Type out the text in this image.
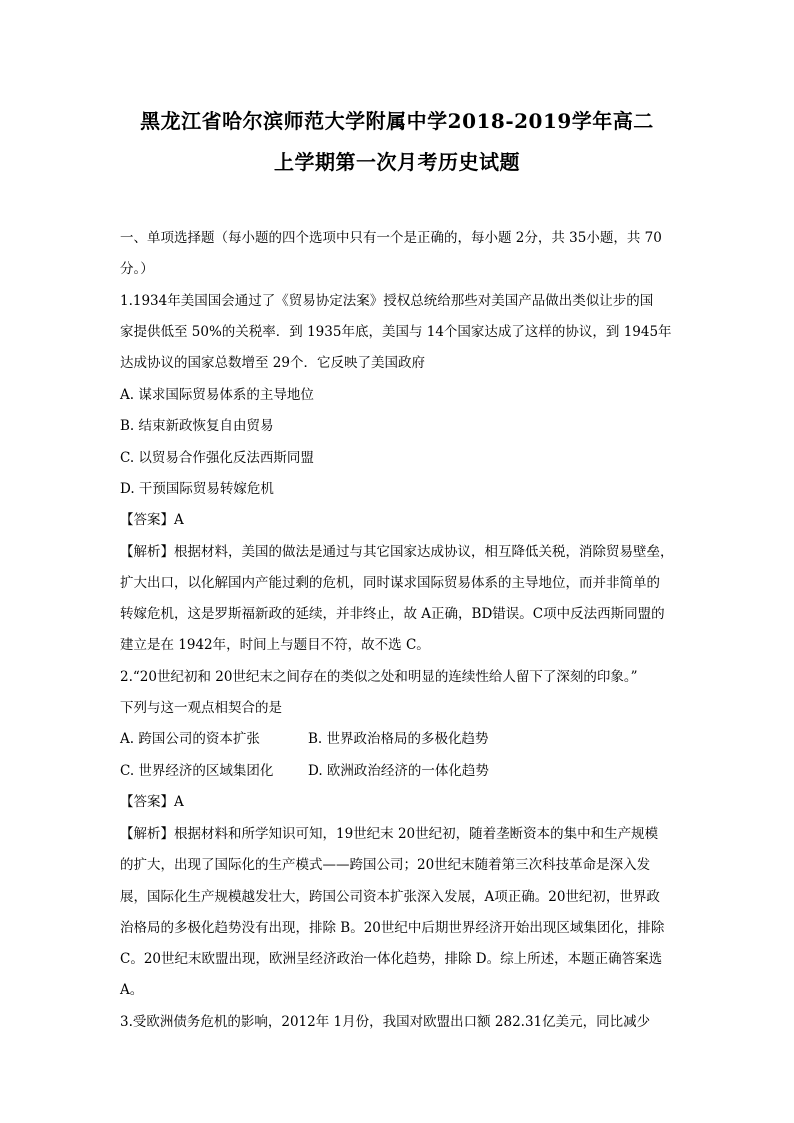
黑龙江省哈尔滨师范大学附属中学2018-2019学年高二
上学期第一次月考历史试题
一、单项选择题（每小题的四个选项中只有一个是正确的，每小题 2分，共 35小题，共 70
分。）
1.1934年美国国会通过了《贸易协定法案》授权总统给那些对美国产品做出类似让步的国
家提供低至 50%的关税率．到 1935年底，美国与 14个国家达成了这样的协议，到 1945年
达成协议的国家总数增至 29个．它反映了美国政府
A. 谋求国际贸易体系的主导地位
B. 结束新政恢复自由贸易
C. 以贸易合作强化反法西斯同盟
D. 干预国际贸易转嫁危机
【答案】A
【解析】根据材料，美国的做法是通过与其它国家达成协议，相互降低关税，消除贸易壁垒，
扩大出口，以化解国内产能过剩的危机，同时谋求国际贸易体系的主导地位，而并非简单的
转嫁危机，这是罗斯福新政的延续，并非终止，故 A正确，BD错误。C项中反法西斯同盟的
建立是在 1942年，时间上与题目不符，故不选 C。
2.“20世纪初和 20世纪末之间存在的类似之处和明显的连续性给人留下了深刻的印象。”
下列与这一观点相契合的是
A. 跨国公司的资本扩张	B. 世界政治格局的多极化趋势
C. 世界经济的区域集团化	D. 欧洲政治经济的一体化趋势
【答案】A
【解析】根据材料和所学知识可知，19世纪末 20世纪初，随着垄断资本的集中和生产规模
的扩大，出现了国际化的生产模式——跨国公司；20世纪末随着第三次科技革命是深入发
展，国际化生产规模越发壮大，跨国公司资本扩张深入发展，A项正确。20世纪初，世界政
治格局的多极化趋势没有出现，排除 B。20世纪中后期世界经济开始出现区域集团化，排除
C。20世纪末欧盟出现，欧洲呈经济政治一体化趋势，排除 D。综上所述，本题正确答案选
A。
3.受欧洲债务危机的影响，2012年 1月份，我国对欧盟出口额 282.31亿美元，同比减少
